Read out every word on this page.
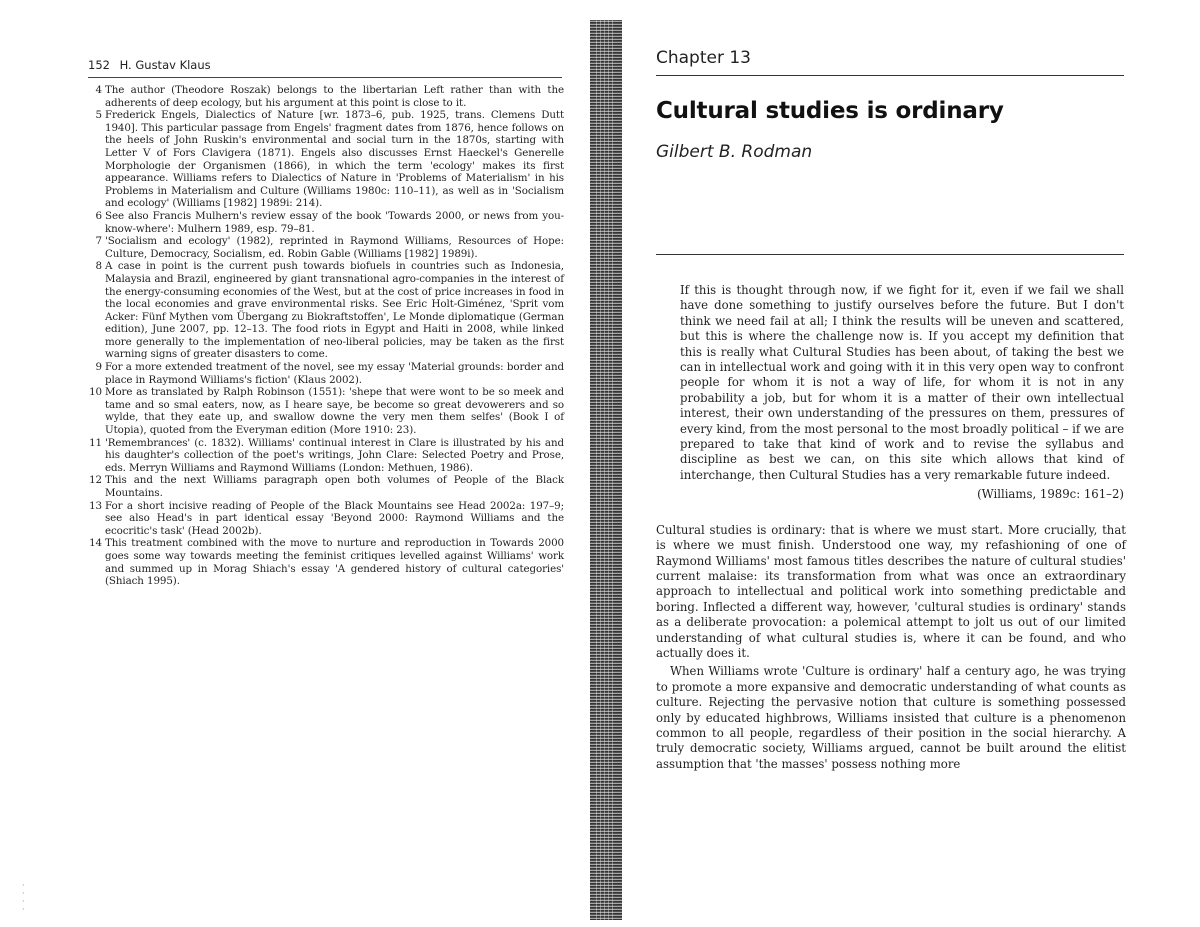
152 H. Gustav Klaus
4 The author (Theodore Roszak) belongs to the libertarian Left rather than with the adherents of deep ecology, but his argument at this point is close to it.
5 Frederick Engels, Dialectics of Nature [wr. 1873–6, pub. 1925, trans. Clemens Dutt 1940]. This particular passage from Engels' fragment dates from 1876, hence follows on the heels of John Ruskin's environmental and social turn in the 1870s, starting with Letter V of Fors Clavigera (1871). Engels also discusses Ernst Haeckel's Generelle Morphologie der Organismen (1866), in which the term 'ecology' makes its first appearance. Williams refers to Dialectics of Nature in 'Problems of Materialism' in his Problems in Materialism and Culture (Williams 1980c: 110–11), as well as in 'Socialism and ecology' (Williams [1982] 1989i: 214).
6 See also Francis Mulhern's review essay of the book 'Towards 2000, or news from you-know-where': Mulhern 1989, esp. 79–81.
7 'Socialism and ecology' (1982), reprinted in Raymond Williams, Resources of Hope: Culture, Democracy, Socialism, ed. Robin Gable (Williams [1982] 1989i).
8 A case in point is the current push towards biofuels in countries such as Indonesia, Malaysia and Brazil, engineered by giant transnational agro-companies in the interest of the energy-consuming economies of the West, but at the cost of price increases in food in the local economies and grave environmental risks. See Eric Holt-Giménez, 'Sprit vom Acker: Fünf Mythen vom Übergang zu Biokraftstoffen', Le Monde diplomatique (German edition), June 2007, pp. 12–13. The food riots in Egypt and Haiti in 2008, while linked more generally to the implementation of neo-liberal policies, may be taken as the first warning signs of greater disasters to come.
9 For a more extended treatment of the novel, see my essay 'Material grounds: border and place in Raymond Williams's fiction' (Klaus 2002).
10 More as translated by Ralph Robinson (1551): 'shepe that were wont to be so meek and tame and so smal eaters, now, as I heare saye, be become so great devowerers and so wylde, that they eate up, and swallow downe the very men them selfes' (Book I of Utopia), quoted from the Everyman edition (More 1910: 23).
11 'Remembrances' (c. 1832). Williams' continual interest in Clare is illustrated by his and his daughter's collection of the poet's writings, John Clare: Selected Poetry and Prose, eds. Merryn Williams and Raymond Williams (London: Methuen, 1986).
12 This and the next Williams paragraph open both volumes of People of the Black Mountains.
13 For a short incisive reading of People of the Black Mountains see Head 2002a: 197–9; see also Head's in part identical essay 'Beyond 2000: Raymond Williams and the ecocritic's task' (Head 2002b).
14 This treatment combined with the move to nurture and reproduction in Towards 2000 goes some way towards meeting the feminist critiques levelled against Williams' work and summed up in Morag Shiach's essay 'A gendered history of cultural categories' (Shiach 1995).
Chapter 13
Cultural studies is ordinary
Gilbert B. Rodman
If this is thought through now, if we fight for it, even if we fail we shall have done something to justify ourselves before the future. But I don't think we need fail at all; I think the results will be uneven and scattered, but this is where the challenge now is. If you accept my definition that this is really what Cultural Studies has been about, of taking the best we can in intellectual work and going with it in this very open way to confront people for whom it is not a way of life, for whom it is not in any probability a job, but for whom it is a matter of their own intellectual interest, their own understanding of the pressures on them, pressures of every kind, from the most personal to the most broadly political – if we are prepared to take that kind of work and to revise the syllabus and discipline as best we can, on this site which allows that kind of interchange, then Cultural Studies has a very remarkable future indeed.
(Williams, 1989c: 161–2)

Cultural studies is ordinary: that is where we must start. More crucially, that is where we must finish. Understood one way, my refashioning of one of Raymond Williams' most famous titles describes the nature of cultural studies' current malaise: its transformation from what was once an extraordinary approach to intellectual and political work into something predictable and boring. Inflected a different way, however, 'cultural studies is ordinary' stands as a deliberate provocation: a polemical attempt to jolt us out of our limited understanding of what cultural studies is, where it can be found, and who actually does it.

When Williams wrote 'Culture is ordinary' half a century ago, he was trying to promote a more expansive and democratic understanding of what counts as culture. Rejecting the pervasive notion that culture is something possessed only by educated highbrows, Williams insisted that culture is a phenomenon common to all people, regardless of their position in the social hierarchy. A truly democratic society, Williams argued, cannot be built around the elitist assumption that 'the masses' possess nothing more

·
·
·
·
